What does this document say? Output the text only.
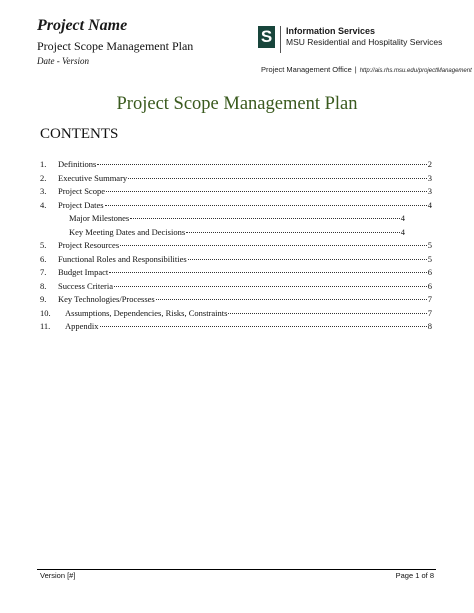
Project Name
Project Scope Management Plan
Date - Version
S	Information Services
MSU Residential and Hospitality Services
Project Management Office | http://ais.rhs.msu.edu/projectManagement
Project Scope Management Plan
CONTENTS
1.	Definitions	2
2.	Executive Summary	3
3.	Project Scope	3
4.	Project Dates	4
Major Milestones	4
Key Meeting Dates and Decisions	4
5.	Project Resources	5
6.	Functional Roles and Responsibilities	5
7.	Budget Impact	6
8.	Success Criteria	6
9.	Key Technologies/Processes	7
10.	Assumptions, Dependencies, Risks, Constraints	7
11.	Appendix	8
Version [#]	Page 1 of 8
